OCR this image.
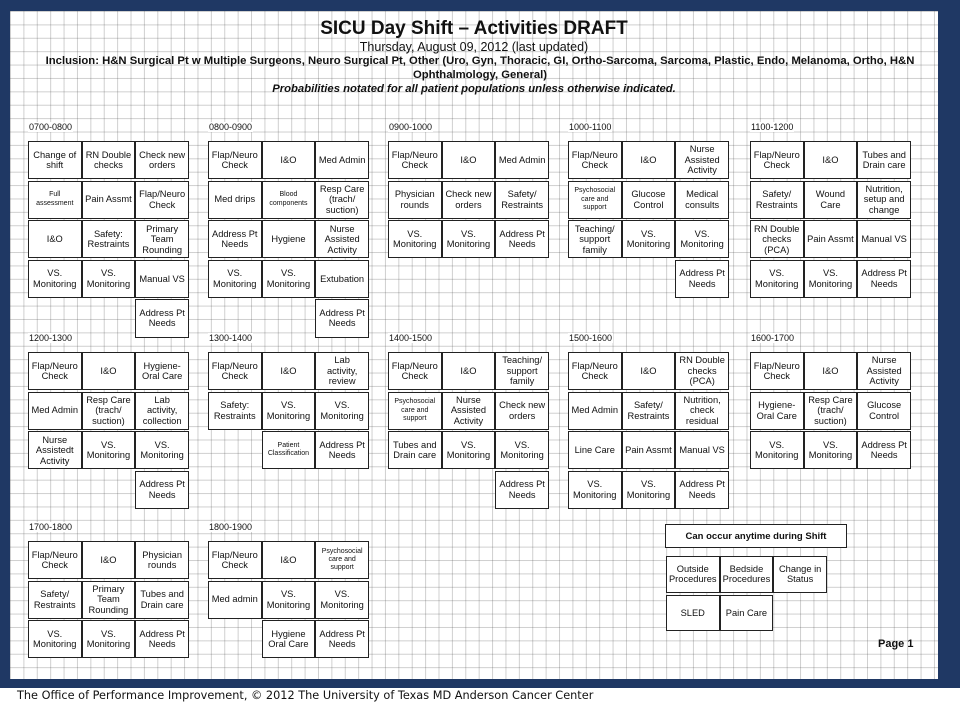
SICU Day Shift – Activities DRAFT
Thursday, August 09, 2012 (last updated)
Inclusion: H&N Surgical Pt w Multiple Surgeons, Neuro Surgical Pt, Other (Uro, Gyn, Thoracic, GI, Ortho-Sarcoma, Sarcoma, Plastic, Endo, Melanoma, Ortho, H&N Ophthalmology, General)
Probabilities notated for all patient populations unless otherwise indicated.
0700-0800
Change of shift
Full assessment
I&O
VS. Monitoring
RN Double checks
Pain Assmt
Safety: Restraints
VS. Monitoring
Check new orders
Flap/Neuro Check
Primary Team Rounding
Manual VS
Address Pt Needs
0800-0900
Flap/Neuro Check
Med drips
Address Pt Needs
VS. Monitoring
I&O
Blood components
Hygiene
VS. Monitoring
Med Admin
Resp Care (trach/ suction)
Nurse Assisted Activity
Extubation
Address Pt Needs
0900-1000
Flap/Neuro Check
Physician rounds
VS. Monitoring
I&O
Check new orders
VS. Monitoring
Med Admin
Safety/ Restraints
Address Pt Needs
1000-1100
Flap/Neuro Check
Psychosocial care and support
Teaching/ support family
I&O
Glucose Control
VS. Monitoring
Nurse Assisted Activity
Medical consults
VS. Monitoring
Address Pt Needs
1100-1200
Flap/Neuro Check
Safety/ Restraints
RN Double checks (PCA)
VS. Monitoring
I&O
Wound Care
Pain Assmt
VS. Monitoring
Tubes and Drain care
Nutrition, setup and change
Manual VS
Address Pt Needs
1200-1300
Flap/Neuro Check
Med Admin
Nurse Assistedt Activity
I&O
Resp Care (trach/ suction)
VS. Monitoring
Hygiene- Oral Care
Lab activity, collection
VS. Monitoring
Address Pt Needs
1300-1400
Flap/Neuro Check
Safety: Restraints
I&O
VS. Monitoring
Patient Classification
Lab activity, review
VS. Monitoring
Address Pt Needs
1400-1500
Flap/Neuro Check
Psychosocial care and support
Tubes and Drain care
I&O
Nurse Assisted Activity
VS. Monitoring
Teaching/ support family
Check new orders
VS. Monitoring
Address Pt Needs
1500-1600
Flap/Neuro Check
Med Admin
Line Care
VS. Monitoring
I&O
Safety/ Restraints
Pain Assmt
VS. Monitoring
RN Double checks (PCA)
Nutrition, check residual
Manual VS
Address Pt Needs
1600-1700
Flap/Neuro Check
Hygiene- Oral Care
VS. Monitoring
I&O
Resp Care (trach/ suction)
VS. Monitoring
Nurse Assisted Activity
Glucose Control
Address Pt Needs
1700-1800
Flap/Neuro Check
Safety/ Restraints
VS. Monitoring
I&O
Primary Team Rounding
VS. Monitoring
Physician rounds
Tubes and Drain care
Address Pt Needs
1800-1900
Flap/Neuro Check
Med admin
I&O
VS. Monitoring
Hygiene Oral Care
Psychosocial care and support
VS. Monitoring
Address Pt Needs
Can occur anytime during Shift
Outside Procedures
Bedside Procedures
Change in Status
SLED	Pain Care
Page 1
The Office of Performance Improvement, © 2012 The University of Texas MD Anderson Cancer Center
